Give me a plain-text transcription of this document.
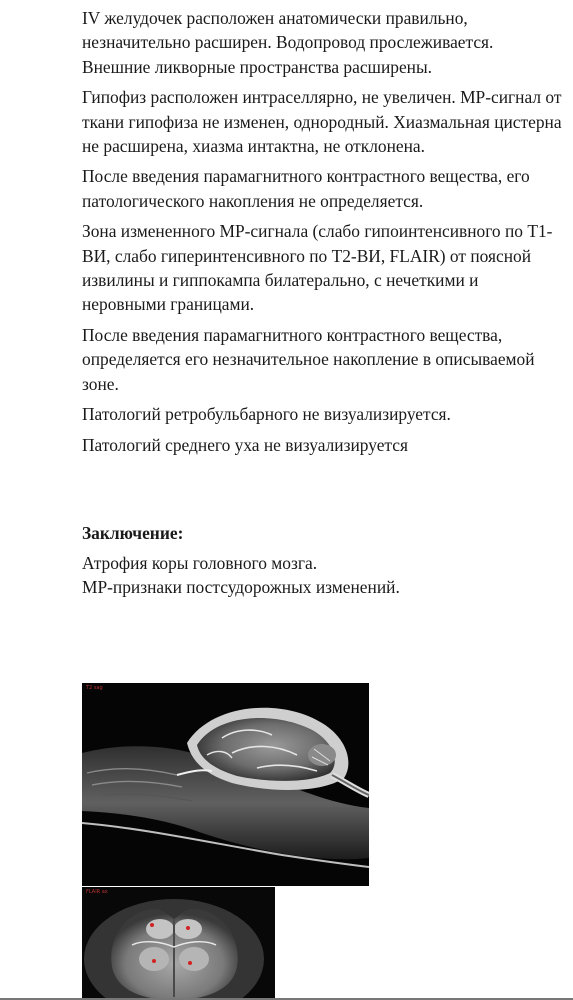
IV желудочек расположен анатомически правильно, незначительно расширен. Водопровод прослеживается. Внешние ликворные пространства расширены.

Гипофиз расположен интраселлярно, не увеличен. МР-сигнал от ткани гипофиза не изменен, однородный. Хиазмальная цистерна не расширена, хиазма интактна, не отклонена.

После введения парамагнитного контрастного вещества, его патологического накопления не определяется.

Зона измененного МР-сигнала (слабо гипоинтенсивного по Т1-ВИ, слабо гиперинтенсивного по Т2-ВИ, FLAIR) от поясной извилины и гиппокампа билатерально, с нечеткими и неровными границами.

После введения парамагнитного контрастного вещества, определяется его незначительное накопление в описываемой зоне.

Патологий ретробульбарного не визуализируется.

Патологий среднего уха не визуализируется

Заключение:
Атрофия коры головного мозга.
МР-признаки постсудорожных изменений.
T2 sag
FLAIR ax
